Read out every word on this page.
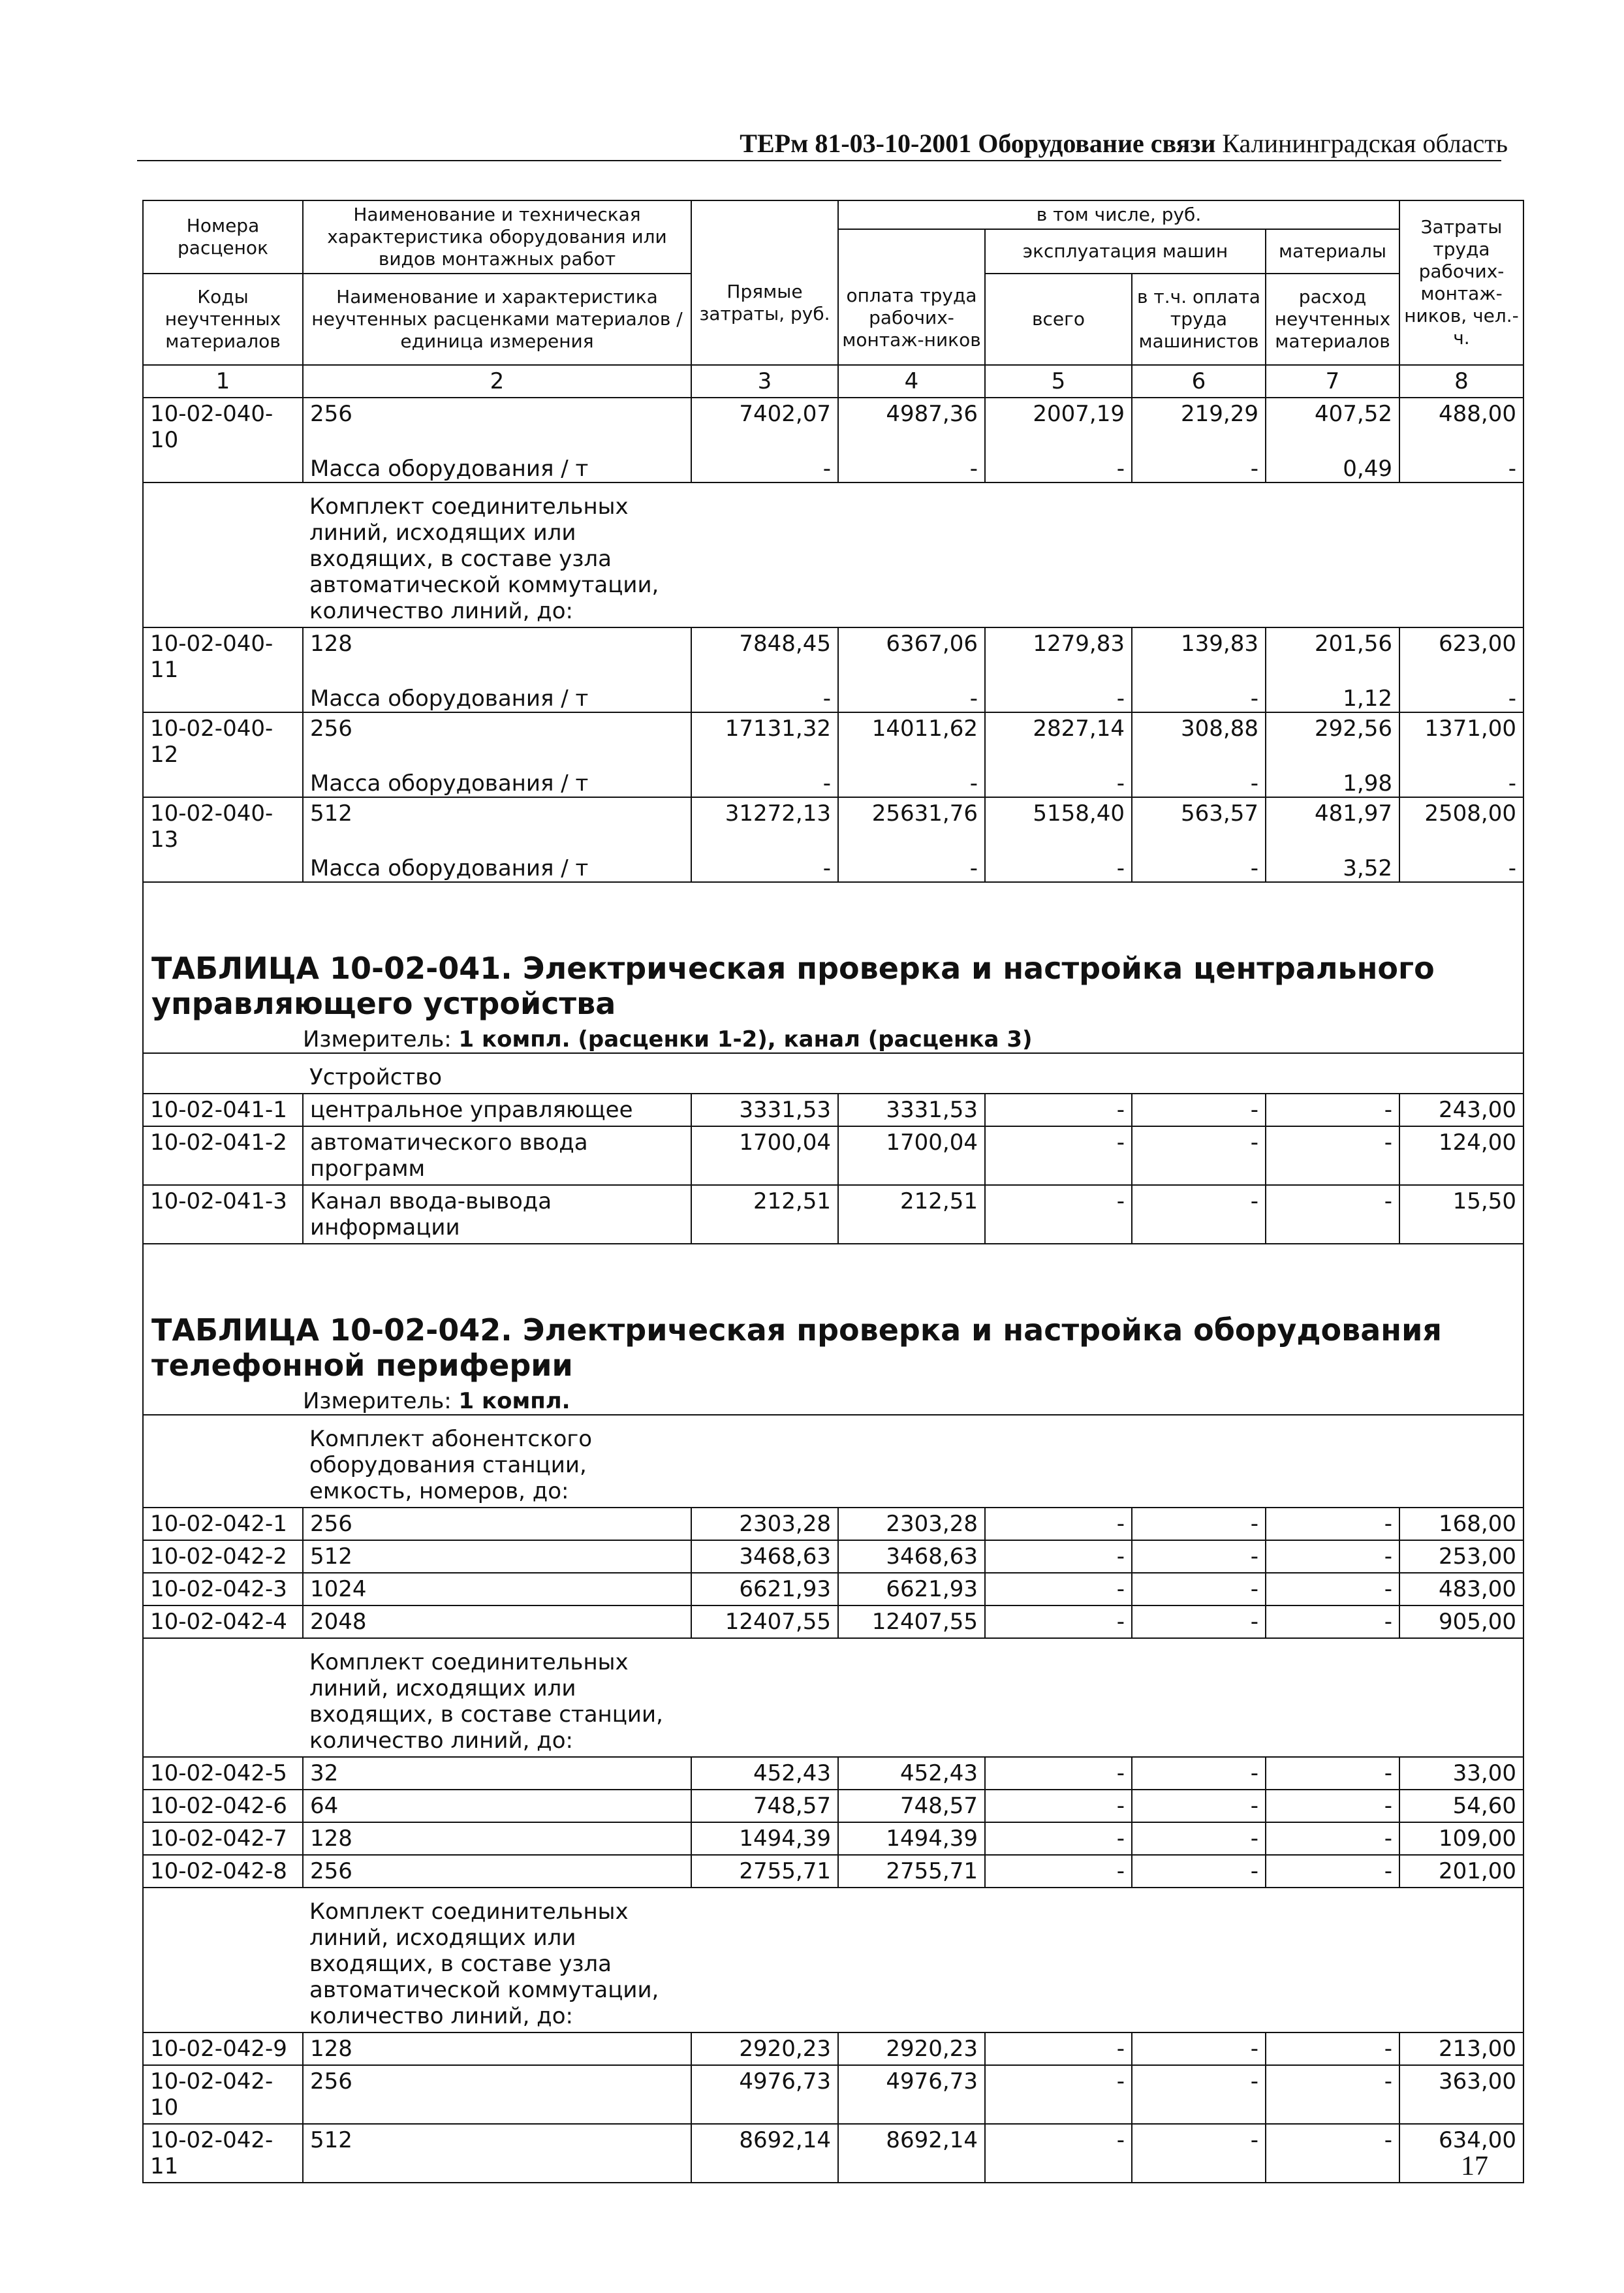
ТЕРм 81-03-10-2001 Оборудование связи Калининградская область
Номера расценок	Наименование и техническая характеристика оборудования или видов монтажных работ	Прямые затраты, руб.	в том числе, руб.				Затраты труда рабочих-монтаж-ников, чел.-ч.
			оплата труда рабочих-монтаж-ников	эксплуатация машин		материалы	
Коды неучтенных материалов	Наименование и характеристика неучтенных расценками материалов / единица измерения			всего	в т.ч. оплата труда машинистов	расход неучтенных материалов	

1	2	3	4	5	6	7	8
10-02-040-10	256	7402,07	4987,36	2007,19	219,29	407,52	488,00
	Масса оборудования / т	-	-	-	-	0,49	-
	Комплект соединительных линий, исходящих или входящих, в составе узла автоматической коммутации, количество линий, до:						
10-02-040-11	128	7848,45	6367,06	1279,83	139,83	201,56	623,00
	Масса оборудования / т	-	-	-	-	1,12	-
10-02-040-12	256	17131,32	14011,62	2827,14	308,88	292,56	1371,00
	Масса оборудования / т	-	-	-	-	1,98	-
10-02-040-13	512	31272,13	25631,76	5158,40	563,57	481,97	2508,00
	Масса оборудования / т	-	-	-	-	3,52	-

ТАБЛИЦА 10-02-041. Электрическая проверка и настройка центрального управляющего устройства
Измеритель: 1 компл. (расценки 1-2), канал (расценка 3)							

	Устройство						
10-02-041-1	центральное управляющее	3331,53	3331,53	-	-	-	243,00
10-02-041-2	автоматического ввода программ	1700,04	1700,04	-	-	-	124,00
10-02-041-3	Канал ввода-вывода информации	212,51	212,51	-	-	-	15,50

ТАБЛИЦА 10-02-042. Электрическая проверка и настройка оборудования телефонной периферии
Измеритель: 1 компл.							

	Комплект абонентского оборудования станции, емкость, номеров, до:						
10-02-042-1	256	2303,28	2303,28	-	-	-	168,00
10-02-042-2	512	3468,63	3468,63	-	-	-	253,00
10-02-042-3	1024	6621,93	6621,93	-	-	-	483,00
10-02-042-4	2048	12407,55	12407,55	-	-	-	905,00
	Комплект соединительных линий, исходящих или входящих, в составе станции, количество линий, до:						
10-02-042-5	32	452,43	452,43	-	-	-	33,00
10-02-042-6	64	748,57	748,57	-	-	-	54,60
10-02-042-7	128	1494,39	1494,39	-	-	-	109,00
10-02-042-8	256	2755,71	2755,71	-	-	-	201,00
	Комплект соединительных линий, исходящих или входящих, в составе узла автоматической коммутации, количество линий, до:						
10-02-042-9	128	2920,23	2920,23	-	-	-	213,00
10-02-042-10	256	4976,73	4976,73	-	-	-	363,00
10-02-042-11	512	8692,14	8692,14	-	-	-	634,00
17
